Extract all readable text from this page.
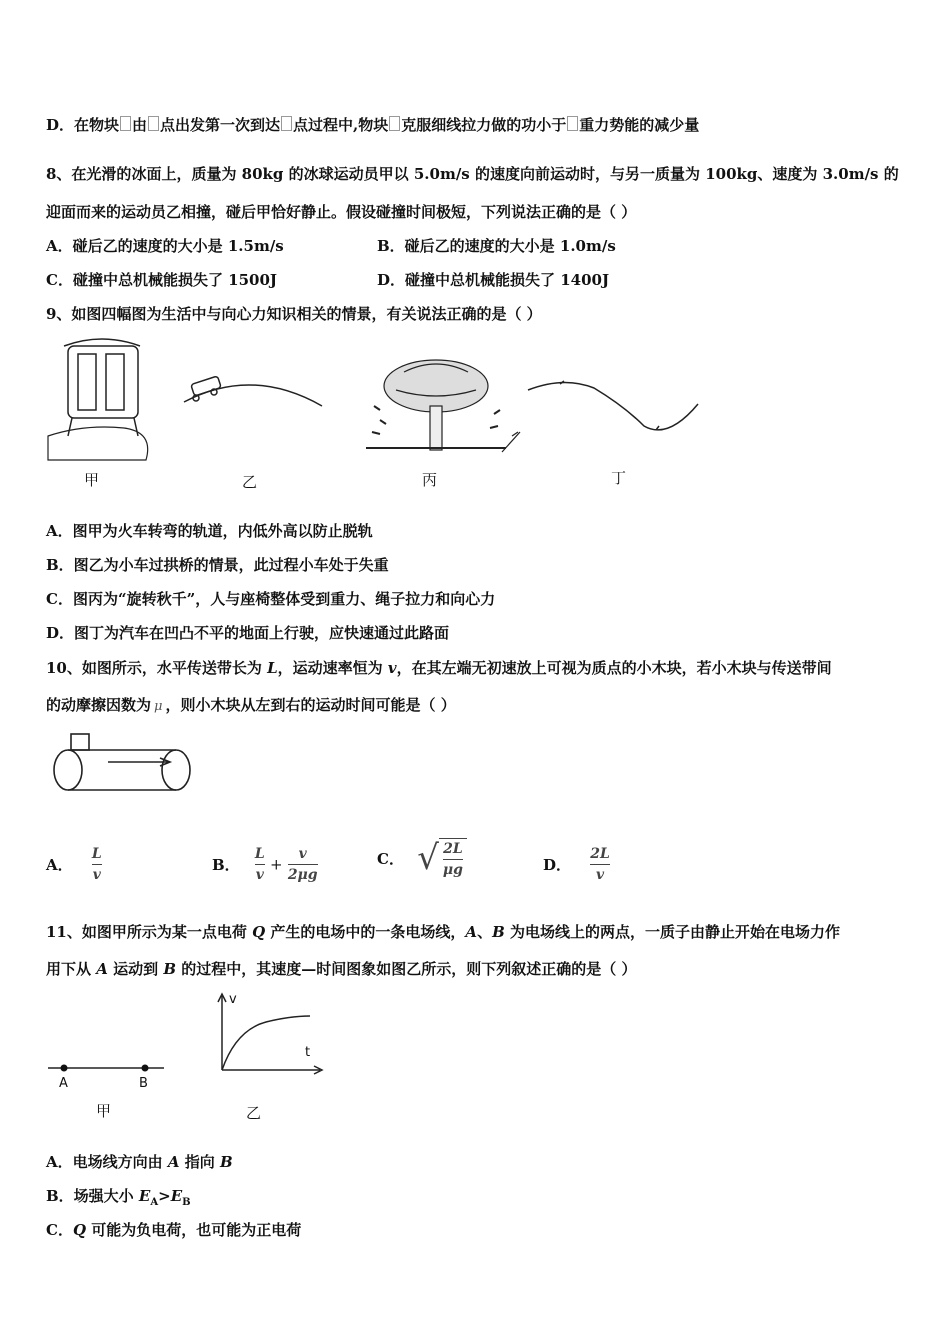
D．在物块 由 点出发第一次到达 点过程中,物块 克服细线拉力做的功小于 重力势能的减少量
8、在光滑的冰面上，质量为 80kg 的冰球运动员甲以 5.0m/s 的速度向前运动时，与另一质量为 100kg、速度为 3.0m/s 的
迎面而来的运动员乙相撞，碰后甲恰好静止。假设碰撞时间极短，下列说法正确的是（ ）
A．碰后乙的速度的大小是 1.5m/s	B．碰后乙的速度的大小是 1.0m/s
C．碰撞中总机械能损失了 1500J	D．碰撞中总机械能损失了 1400J
9、如图四幅图为生活中与向心力知识相关的情景，有关说法正确的是（ ）
甲	乙	丙	丁
A．图甲为火车转弯的轨道，内低外高以防止脱轨
B．图乙为小车过拱桥的情景，此过程小车处于失重
C．图丙为“旋转秋千”，人与座椅整体受到重力、绳子拉力和向心力
D．图丁为汽车在凹凸不平的地面上行驶，应快速通过此路面
10、如图所示，水平传送带长为 L，运动速率恒为 v，在其左端无初速放上可视为质点的小木块，若小木块与传送带间
的动摩擦因数为 μ ，则小木块从左到右的运动时间可能是（ ）
A． $\frac{L}{v}$	B． $\frac{L}{v} + \frac{v}{2\mu g}$	C． √ $\frac{2L}{\mu g}$	D． $\frac{2L}{v}$
11、如图甲所示为某一点电荷 Q 产生的电场中的一条电场线，A、B 为电场线上的两点，一质子由静止开始在电场力作
用下从 A 运动到 B 的过程中，其速度—时间图象如图乙所示，则下列叙述正确的是（ ）
A	B
甲
v
t
乙
A．电场线方向由 A 指向 B
B．场强大小 $E_A>E_B$
C．Q 可能为负电荷，也可能为正电荷
